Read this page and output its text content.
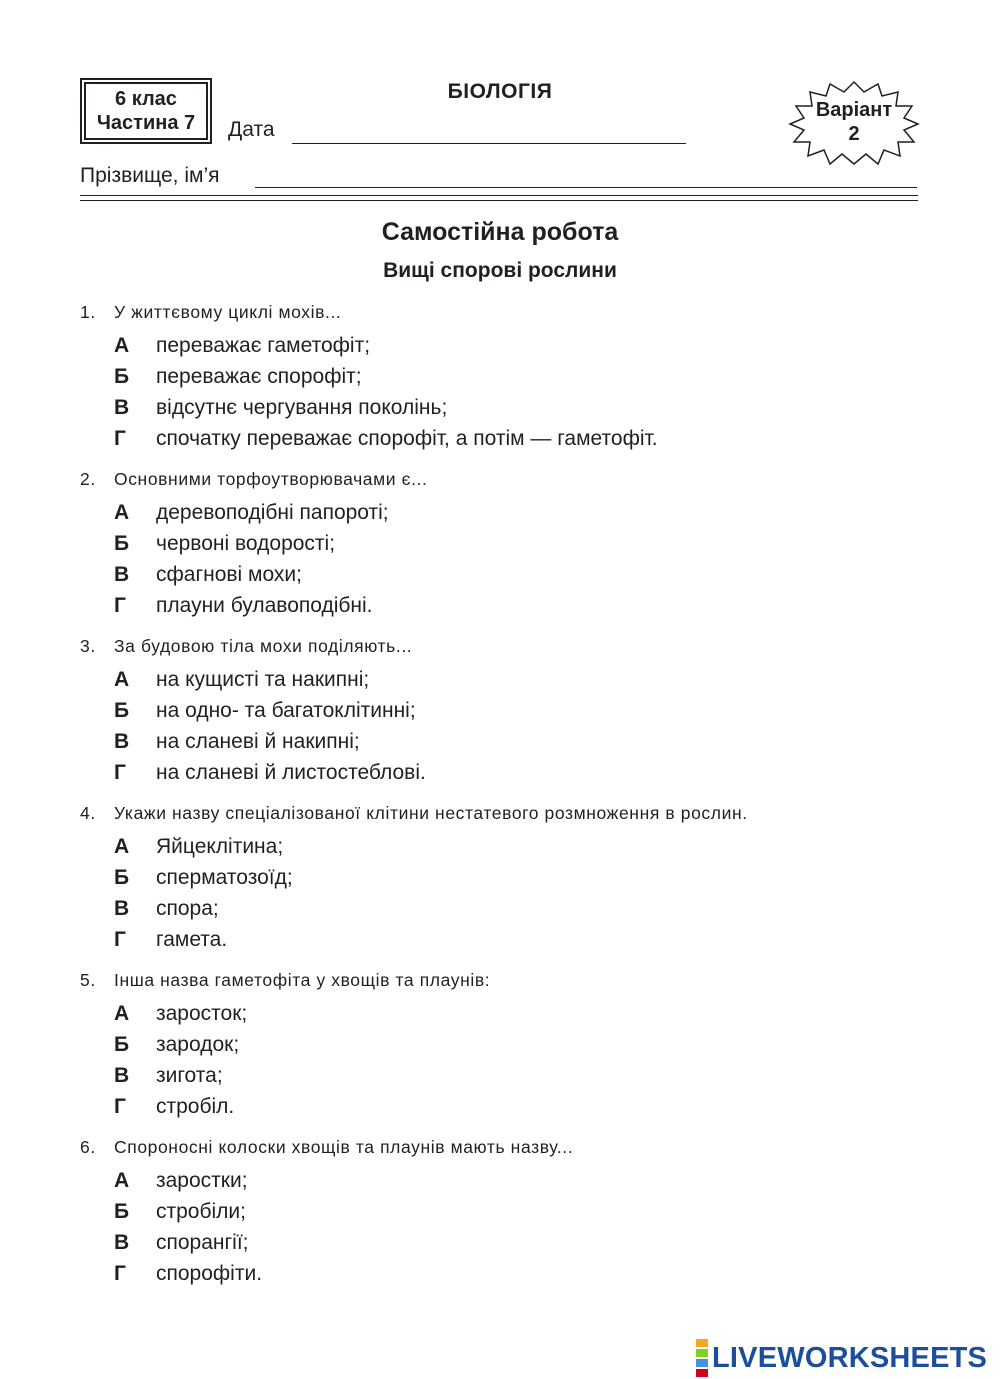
6 клас
Частина 7
БІОЛОГІЯ
Дата
Варіант
2
Прізвище, ім’я
Самостійна робота
Вищі спорові рослини
1. У життєвому циклі мохів...
А переважає гаметофіт;
Б переважає спорофіт;
В відсутнє чергування поколінь;
Г спочатку переважає спорофіт, а потім — гаметофіт.
2. Основними торфоутворювачами є...
А деревоподібні папороті;
Б червоні водорості;
В сфагнові мохи;
Г плауни булавоподібні.
3. За будовою тіла мохи поділяють...
А на кущисті та накипні;
Б на одно- та багатоклітинні;
В на сланеві й накипні;
Г на сланеві й листостеблові.
4. Укажи назву спеціалізованої клітини нестатевого розмноження в рослин.
А Яйцеклітина;
Б сперматозоїд;
В спора;
Г гамета.
5. Інша назва гаметофіта у хвощів та плаунів:
А заросток;
Б зародок;
В зигота;
Г стробіл.
6. Спороносні колоски хвощів та плаунів мають назву...
А заростки;
Б стробіли;
В спорангії;
Г спорофіти.
LIVEWORKSHEETS
